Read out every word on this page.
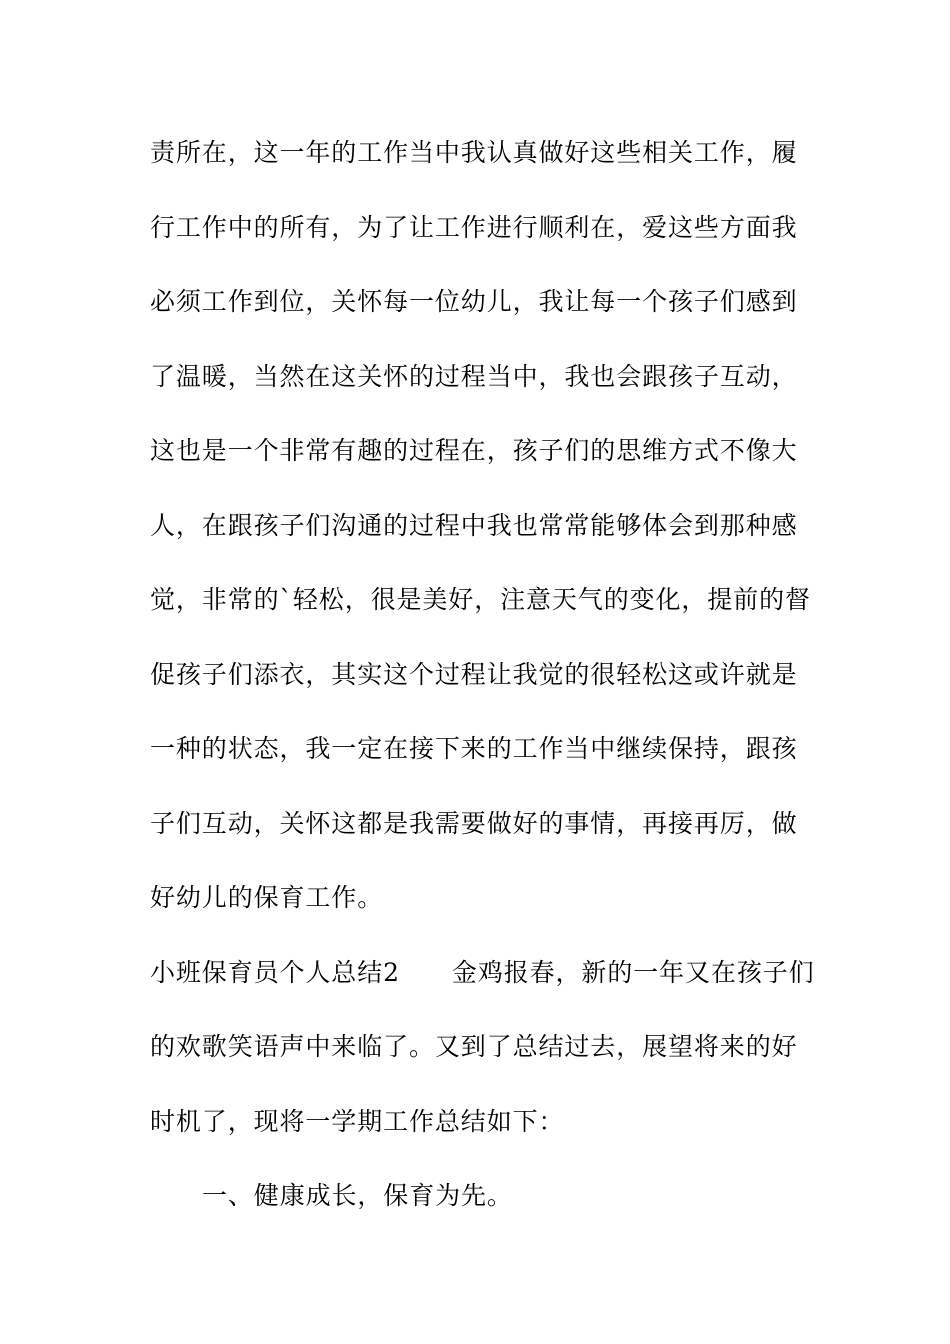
责所在，这一年的工作当中我认真做好这些相关工作，履
行工作中的所有，为了让工作进行顺利在，爱这些方面我
必须工作到位，关怀每一位幼儿，我让每一个孩子们感到
了温暖，当然在这关怀的过程当中，我也会跟孩子互动，
这也是一个非常有趣的过程在，孩子们的思维方式不像大
人，在跟孩子们沟通的过程中我也常常能够体会到那种感
觉，非常的`轻松，很是美好，注意天气的变化，提前的督
促孩子们添衣，其实这个过程让我觉的很轻松这或许就是
一种的状态，我一定在接下来的工作当中继续保持，跟孩
子们互动，关怀这都是我需要做好的事情，再接再厉，做
好幼儿的保育工作。
小班保育员个人总结2 金鸡报春，新的一年又在孩子们
的欢歌笑语声中来临了。又到了总结过去，展望将来的好
时机了，现将一学期工作总结如下：
一、健康成长，保育为先。
